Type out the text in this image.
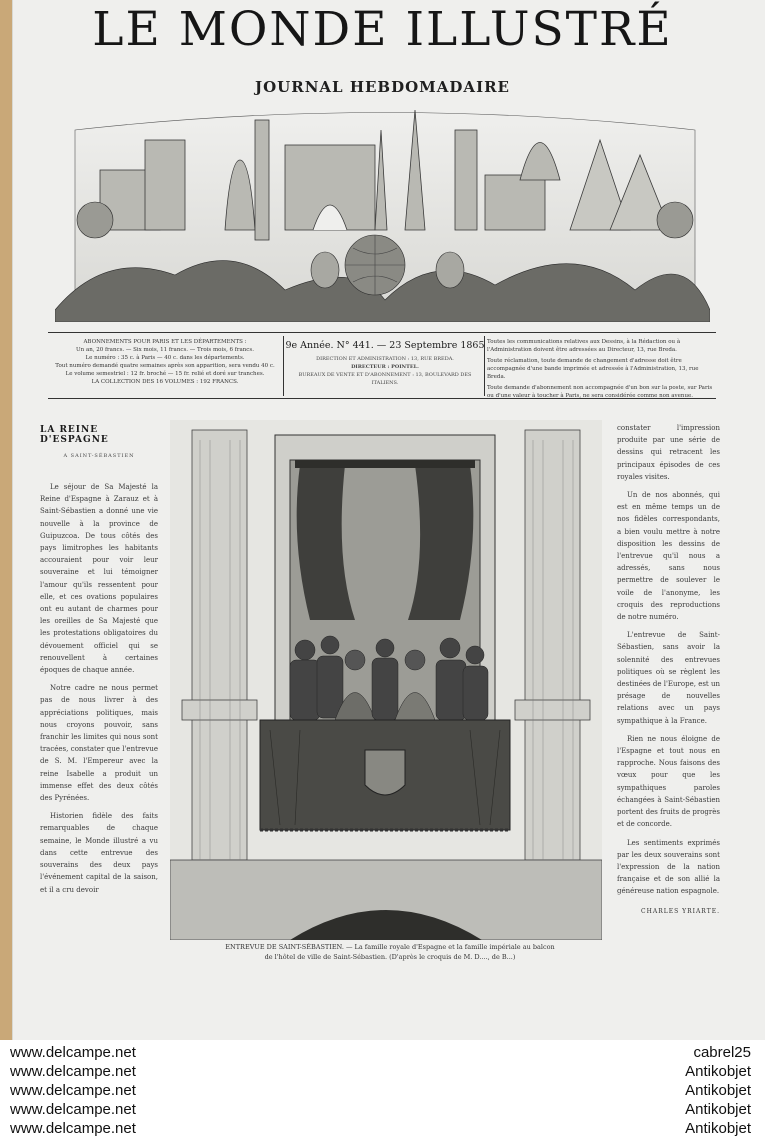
LE MONDE ILLUSTRÉ
JOURNAL HEBDOMADAIRE
ABONNEMENTS POUR PARIS ET LES DÉPARTEMENTS :
Un an, 20 francs. — Six mois, 11 francs. — Trois mois, 6 francs.
Le numéro : 35 c. à Paris — 40 c. dans les départements.
Tout numéro demandé quatre semaines après son apparition, sera vendu 40 c.
Le volume semestriel : 12 fr. broché — 15 fr. relié et doré sur tranches.
LA COLLECTION DES 16 VOLUMES : 192 FRANCS.
9e Année. N° 441. — 23 Septembre 1865
DIRECTION ET ADMINISTRATION : 13, RUE BREDA.
DIRECTEUR : POINTEL.
BUREAUX DE VENTE ET D'ABONNEMENT : 13, BOULEVARD DES ITALIENS.
Toutes les communications relatives aux Dessins, à la Rédaction ou à l'Administration doivent être adressées au Directeur, 13, rue Breda.
Toute réclamation, toute demande de changement d'adresse doit être accompagnée d'une bande imprimée et adressée à l'Administration, 13, rue Breda.
Toute demande d'abonnement non accompagnée d'un bon sur la poste, sur Paris ou d'une valeur à toucher à Paris, ne sera considérée comme non avenue.
LA REINE D'ESPAGNE
A SAINT-SÉBASTIEN

Le séjour de Sa Majesté la Reine d'Espagne à Zarauz et à Saint-Sébastien a donné une vie nouvelle à la province de Guipuzcoa. De tous côtés des pays limitrophes les habitants accouraient pour voir leur souveraine et lui témoigner l'amour qu'ils ressentent pour elle, et ces ovations populaires ont eu autant de charmes pour les oreilles de Sa Majesté que les protestations obligatoires du dévouement officiel qui se renouvellent à certaines époques de chaque année.

Notre cadre ne nous permet pas de nous livrer à des appréciations politiques, mais nous croyons pouvoir, sans franchir les limites qui nous sont tracées, constater que l'entrevue de S. M. l'Empereur avec la reine Isabelle a produit un immense effet des deux côtés des Pyrénées.

Historien fidèle des faits remarquables de chaque semaine, le Monde illustré a vu dans cette entrevue des souverains des deux pays l'événement capital de la saison, et il a cru devoir

ENTREVUE DE SAINT-SÉBASTIEN. — La famille royale d'Espagne et la famille impériale au balcon
de l'hôtel de ville de Saint-Sébastien. (D'après le croquis de M. D...., de B...)

constater l'impression produite par une série de dessins qui retracent les principaux épisodes de ces royales visites.

Un de nos abonnés, qui est en même temps un de nos fidèles correspondants, a bien voulu mettre à notre disposition les dessins de l'entrevue qu'il nous a adressés, sans nous permettre de soulever le voile de l'anonyme, les croquis des reproductions de notre numéro.

L'entrevue de Saint-Sébastien, sans avoir la solennité des entrevues politiques où se règlent les destinées de l'Europe, est un présage de nouvelles relations avec un pays sympathique à la France.

Rien ne nous éloigne de l'Espagne et tout nous en rapproche. Nous faisons des vœux pour que les sympathiques paroles échangées à Saint-Sébastien portent des fruits de progrès et de concorde.

Les sentiments exprimés par les deux souverains sont l'expression de la nation française et de son allié la généreuse nation espagnole.

CHARLES YRIARTE.
www.delcampe.net
www.delcampe.net
www.delcampe.net
www.delcampe.net
www.delcampe.net
cabrel25
Antikobjet
Antikobjet
Antikobjet
Antikobjet
